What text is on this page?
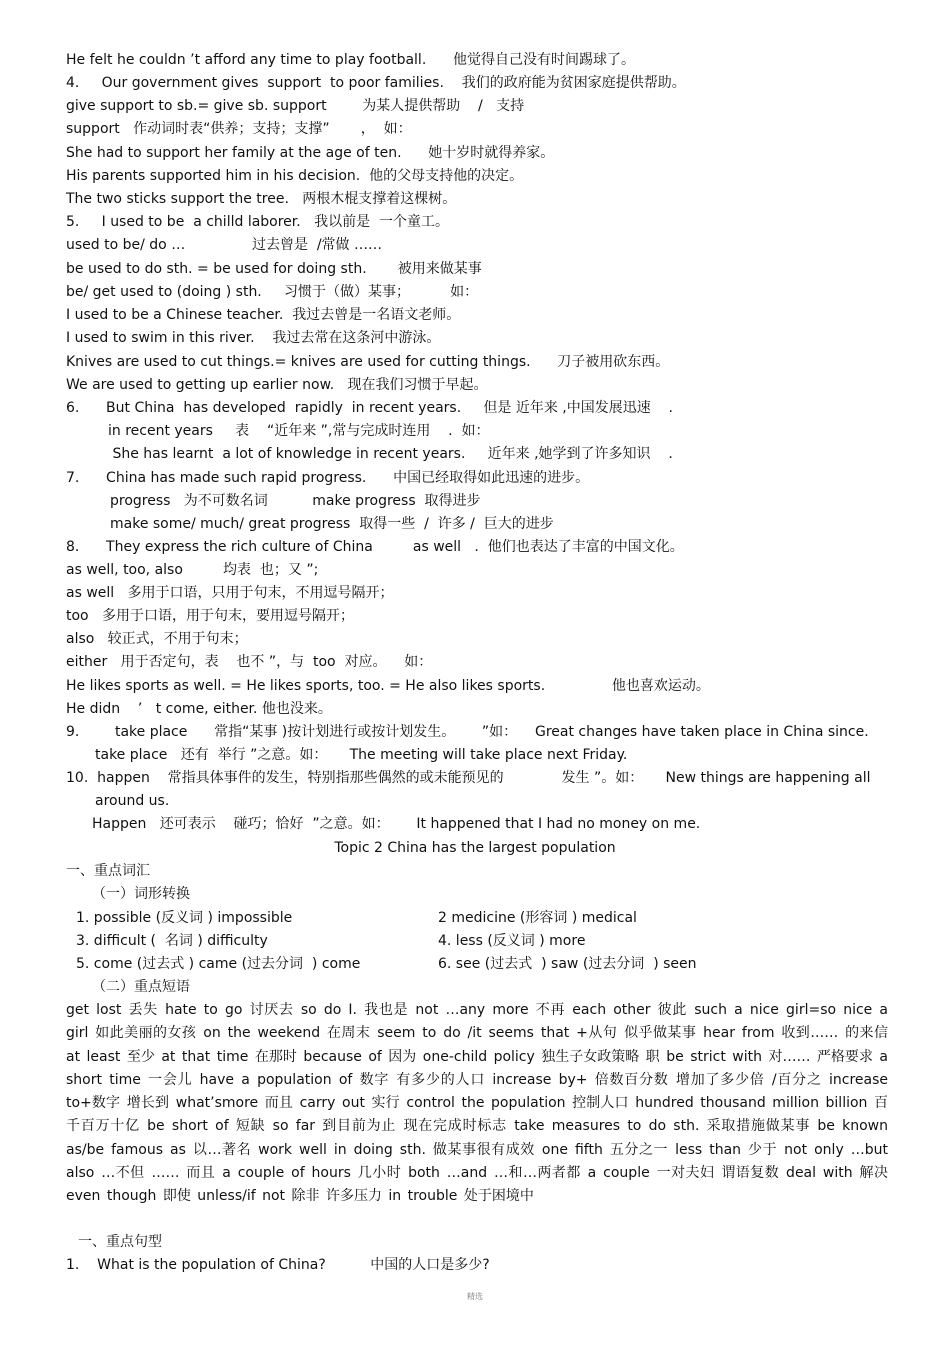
He felt he couldn ’t afford any time to play football.      他觉得自己没有时间踢球了。
4.     Our government gives  support  to poor families.    我们的政府能为贫困家庭提供帮助。
give support to sb.= give sb. support        为某人提供帮助    /   支持
support   作动词时表“供养；支持；支撑”       ，  如：
She had to support her family at the age of ten.      她十岁时就得养家。
His parents supported him in his decision.  他的父母支持他的决定。
The two sticks support the tree.   两根木棍支撑着这棵树。
5.     I used to be  a chilld laborer.   我以前是  一个童工。
used to be/ do …               过去曾是  /常做 ……
be used to do sth. = be used for doing sth.       被用来做某事
be/ get used to (doing ) sth.     习惯于（做）某事；         如：
I used to be a Chinese teacher.  我过去曾是一名语文老师。
I used to swim in this river.    我过去常在这条河中游泳。
Knives are used to cut things.= knives are used for cutting things.      刀子被用砍东西。
We are used to getting up earlier now.   现在我们习惯于早起。
6.      But China  has developed  rapidly  in recent years.     但是 近年来 ,中国发展迅速    .
in recent years     表    “近年来 ”,常与完成时连用    .  如：
She has learnt  a lot of knowledge in recent years.     近年来 ,她学到了许多知识    .
7.      China has made such rapid progress.      中国已经取得如此迅速的进步。
progress   为不可数名词          make progress  取得进步
make some/ much/ great progress  取得一些  /  许多 /  巨大的进步
8.      They express the rich culture of China         as well   .  他们也表达了丰富的中国文化。
as well, too, also         均表  也；又 ”;
as well   多用于口语，只用于句末，不用逗号隔开；
too   多用于口语，用于句末，要用逗号隔开；
also   较正式，不用于句末；
either   用于否定句，表    也不 ”，与  too  对应。    如：
He likes sports as well. = He likes sports, too. = He also likes sports.               他也喜欢运动。
He didn    ’   t come, either. 他也没来。
9.        take place      常指“某事 )按计划进行或按计划发生。      ”如：    Great changes have taken place in China since.
take place   还有  举行 ”之意。如：     The meeting will take place next Friday.
10.  happen    常指具体事件的发生，特别指那些偶然的或未能预见的             发生 ”。如：     New things are happening all
around us.
Happen   还可表示    碰巧；恰好  ”之意。如：      It happened that I had no money on me.
Topic 2 China has the largest population
一、重点词汇
（一）词形转换
1. possible (反义词 ) impossible	2 medicine (形容词 ) medical
3. difficult (  名词 ) difficulty	4. less (反义词 ) more
5. come (过去式 ) came (过去分词  ) come	6. see (过去式  ) saw (过去分词  ) seen
（二）重点短语
get lost 丢失 hate to go 讨厌去 so do I. 我也是 not …any more 不再 each other 彼此 such a nice girl=so nice a girl 如此美丽的女孩 on the weekend 在周末 seem to do /it seems that +从句 似乎做某事 hear from 收到…… 的来信 at least 至少 at that time 在那时 because of 因为 one-child policy 独生子女政策略 职 be strict with 对…… 严格要求 a short time 一会儿 have a population of 数字 有多少的人口 increase by+ 倍数百分数 增加了多少倍 /百分之 increase to+数字 增长到 what’smore 而且 carry out 实行 control the population 控制人口 hundred thousand million billion 百千百万十亿 be short of 短缺 so far 到目前为止 现在完成时标志 take measures to do sth. 采取措施做某事 be known as/be famous as 以…著名 work well in doing sth. 做某事很有成效 one fifth 五分之一 less than 少于 not only …but also …不但 …… 而且 a couple of hours 几小时 both …and …和…两者都 a couple 一对夫妇 谓语复数 deal with 解决 even though 即使 unless/if not 除非 许多压力 in trouble 处于困境中
一、重点句型
1.    What is the population of China?          中国的人口是多少?
精选
